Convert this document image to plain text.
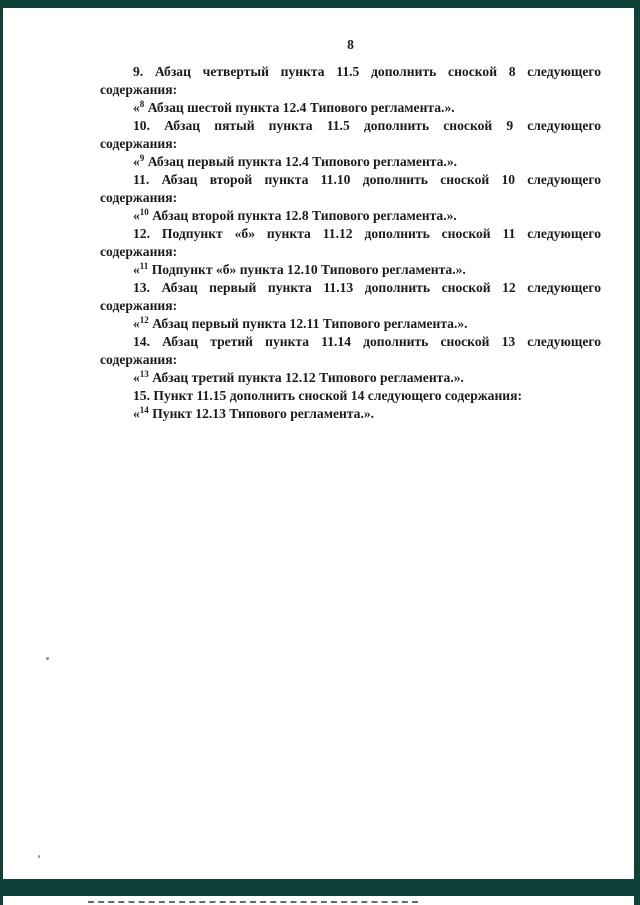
8
9. Абзац четвертый пункта 11.5 дополнить сноской 8 следующего
содержания:
«$^8$ Абзац шестой пункта 12.4 Типового регламента.».
10. Абзац пятый пункта 11.5 дополнить сноской 9 следующего
содержания:
«$^9$ Абзац первый пункта 12.4 Типового регламента.».
11. Абзац второй пункта 11.10 дополнить сноской 10 следующего
содержания:
«$^{10}$ Абзац второй пункта 12.8 Типового регламента.».
12. Подпункт «б» пункта 11.12 дополнить сноской 11 следующего
содержания:
«$^{11}$ Подпункт «б» пункта 12.10 Типового регламента.».
13. Абзац первый пункта 11.13 дополнить сноской 12 следующего
содержания:
«$^{12}$ Абзац первый пункта 12.11 Типового регламента.».
14. Абзац третий пункта 11.14 дополнить сноской 13 следующего
содержания:
«$^{13}$ Абзац третий пункта 12.12 Типового регламента.».
15. Пункт 11.15 дополнить сноской 14 следующего содержания:
«$^{14}$ Пункт 12.13 Типового регламента.».
